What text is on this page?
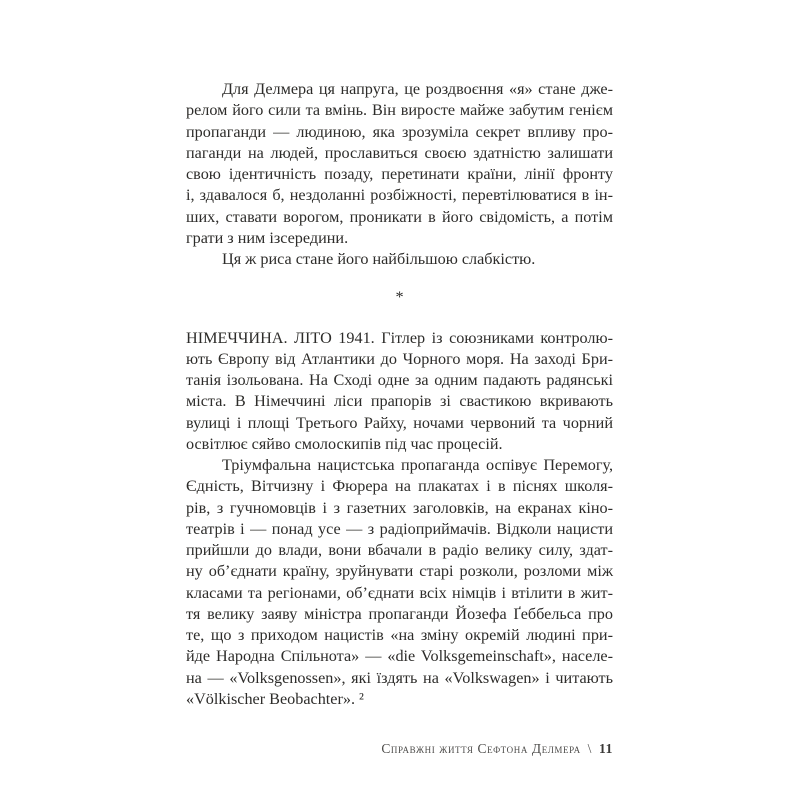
Для Делмера ця напруга, це роздвоєння «я» стане дже-
релом його сили та вмінь. Він виросте майже забутим генієм
пропаганди — людиною, яка зрозуміла секрет впливу про-
паганди на людей, прославиться своєю здатністю залишати
свою ідентичність позаду, перетинати країни, лінії фронту
і, здавалося б, нездоланні розбіжності, перевтілюватися в ін-
ших, ставати ворогом, проникати в його свідомість, а потім
грати з ним ізсередини.
Ця ж риса стане його найбільшою слабкістю.
*
НІМЕЧЧИНА. ЛІТО 1941. Гітлер із союзниками контролю-
ють Європу від Атлантики до Чорного моря. На заході Бри-
танія ізольована. На Сході одне за одним падають радянські
міста. В Німеччині ліси прапорів зі свастикою вкривають
вулиці і площі Третього Райху, ночами червоний та чорний
освітлює сяйво смолоскипів під час процесій.
Тріумфальна нацистська пропаганда оспівує Перемогу,
Єдність, Вітчизну і Фюрера на плакатах і в піснях школя-
рів, з гучномовців і з газетних заголовків, на екранах кіно-
театрів і — понад усе — з радіоприймачів. Відколи нацисти
прийшли до влади, вони вбачали в радіо велику силу, здат-
ну об’єднати країну, зруйнувати старі розколи, розломи між
класами та регіонами, об’єднати всіх німців і втілити в жит-
тя велику заяву міністра пропаганди Йозефа Ґеббельса про
те, що з приходом нацистів «на зміну окремій людині при-
йде Народна Спільнота» — «die Volksgemeinschaft», населе-
на — «Volksgenossen», які їздять на «Volkswagen» і читають
«Völkischer Beobachter». ²
Справжні життя Сефтона Делмера \ 11
